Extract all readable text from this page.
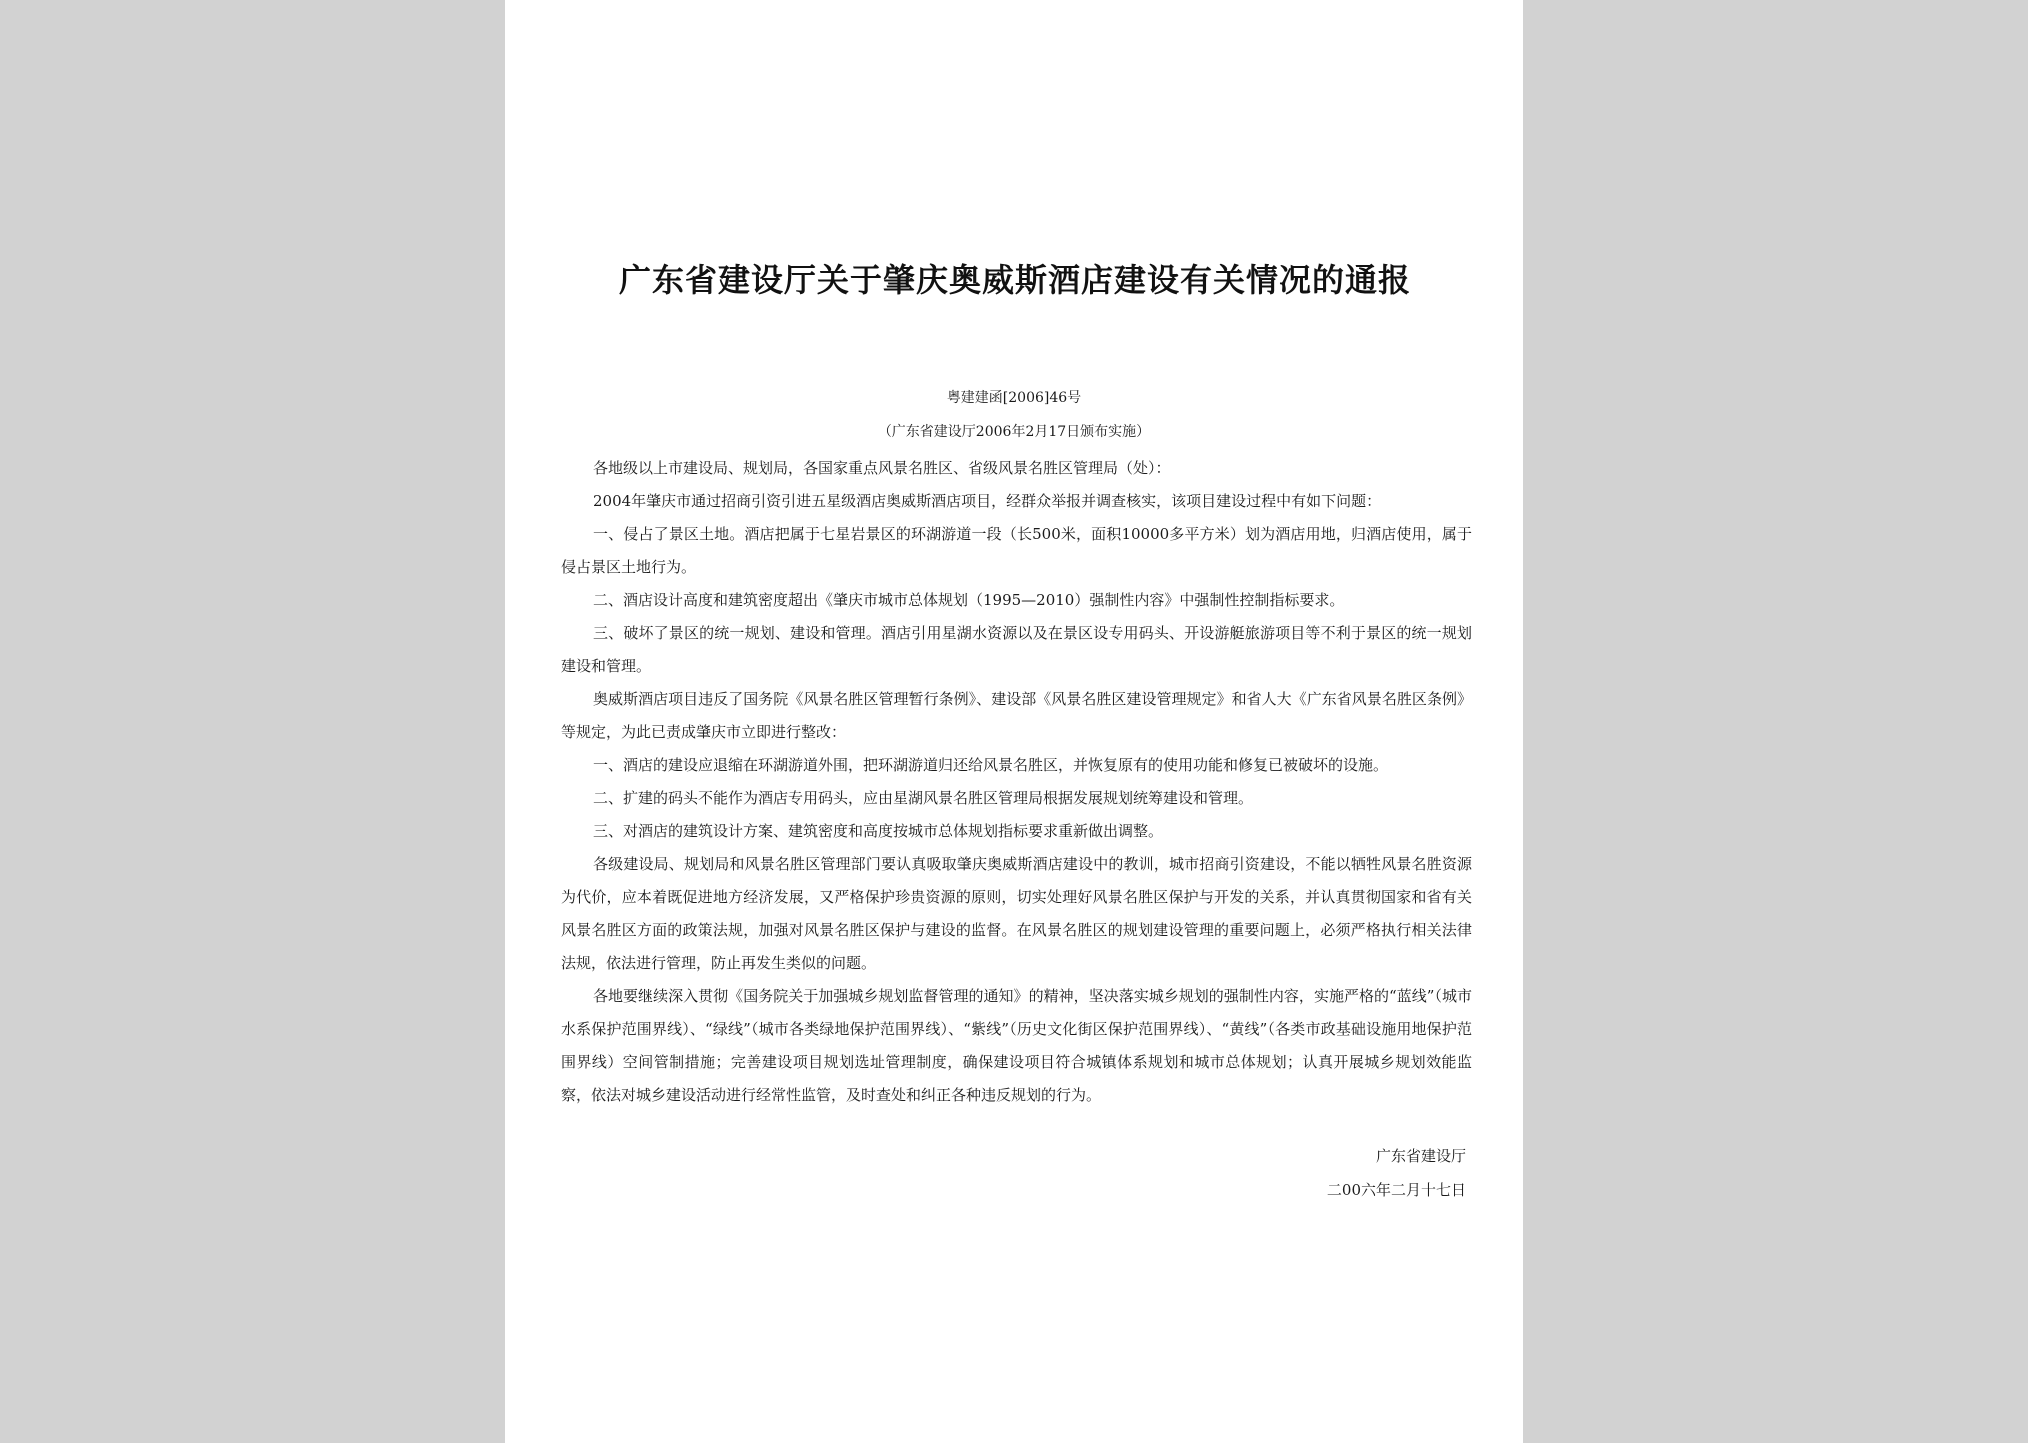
广东省建设厅关于肇庆奥威斯酒店建设有关情况的通报
粤建建函[2006]46号
（广东省建设厅2006年2月17日颁布实施）

各地级以上市建设局、规划局，各国家重点风景名胜区、省级风景名胜区管理局（处）：

2004年肇庆市通过招商引资引进五星级酒店奥威斯酒店项目，经群众举报并调查核实，该项目建设过程中有如下问题：

一、侵占了景区土地。酒店把属于七星岩景区的环湖游道一段（长500米，面积10000多平方米）划为酒店用地，归酒店使用，属于侵占景区土地行为。

二、酒店设计高度和建筑密度超出《肇庆市城市总体规划（1995—2010）强制性内容》中强制性控制指标要求。

三、破坏了景区的统一规划、建设和管理。酒店引用星湖水资源以及在景区设专用码头、开设游艇旅游项目等不利于景区的统一规划建设和管理。

奥威斯酒店项目违反了国务院《风景名胜区管理暂行条例》、建设部《风景名胜区建设管理规定》和省人大《广东省风景名胜区条例》等规定，为此已责成肇庆市立即进行整改：

一、酒店的建设应退缩在环湖游道外围，把环湖游道归还给风景名胜区，并恢复原有的使用功能和修复已被破坏的设施。

二、扩建的码头不能作为酒店专用码头，应由星湖风景名胜区管理局根据发展规划统筹建设和管理。

三、对酒店的建筑设计方案、建筑密度和高度按城市总体规划指标要求重新做出调整。

各级建设局、规划局和风景名胜区管理部门要认真吸取肇庆奥威斯酒店建设中的教训，城市招商引资建设，不能以牺牲风景名胜资源为代价，应本着既促进地方经济发展，又严格保护珍贵资源的原则，切实处理好风景名胜区保护与开发的关系，并认真贯彻国家和省有关风景名胜区方面的政策法规，加强对风景名胜区保护与建设的监督。在风景名胜区的规划建设管理的重要问题上，必须严格执行相关法律法规，依法进行管理，防止再发生类似的问题。

各地要继续深入贯彻《国务院关于加强城乡规划监督管理的通知》的精神，坚决落实城乡规划的强制性内容，实施严格的“蓝线”（城市水系保护范围界线）、“绿线”（城市各类绿地保护范围界线）、“紫线”（历史文化街区保护范围界线）、“黄线”（各类市政基础设施用地保护范围界线）空间管制措施；完善建设项目规划选址管理制度，确保建设项目符合城镇体系规划和城市总体规划；认真开展城乡规划效能监察，依法对城乡建设活动进行经常性监管，及时查处和纠正各种违反规划的行为。

广东省建设厅
二00六年二月十七日
